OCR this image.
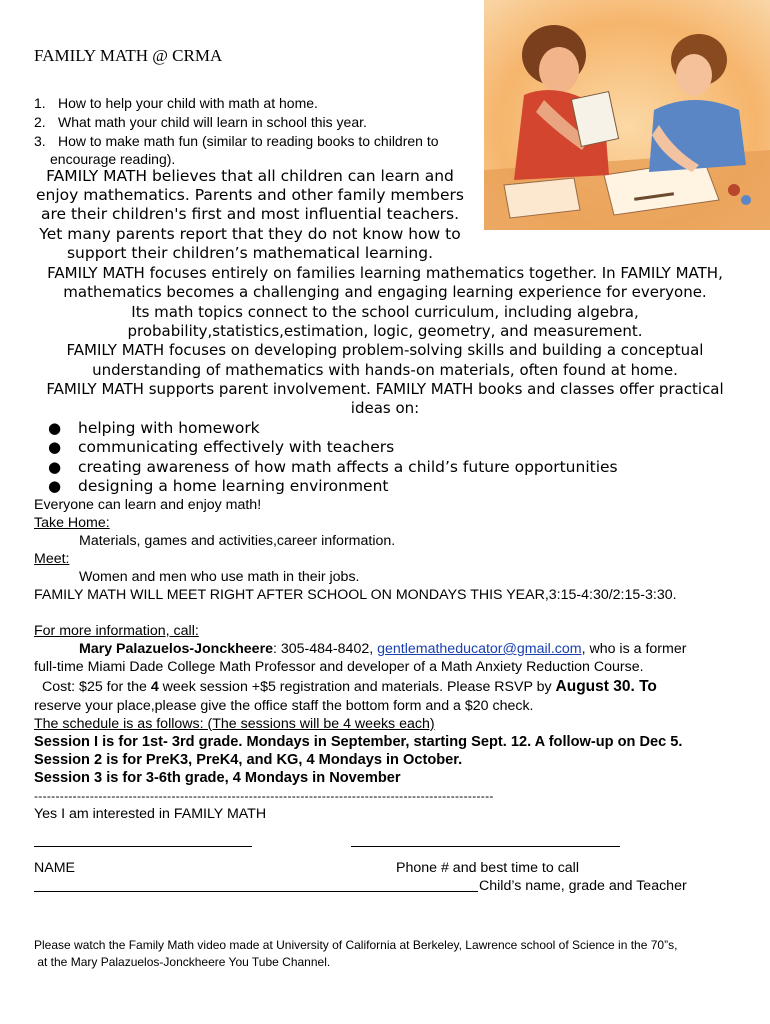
FAMILY MATH @ CRMA
1. How to help your child with math at home.
2. What math your child will learn in school this year.
3. How to make math fun (similar to reading books to children to
encourage reading).
FAMILY MATH believes that all children can learn and
enjoy mathematics. Parents and other family members
are their children's first and most influential teachers.
Yet many parents report that they do not know how to
support their children’s mathematical learning.
FAMILY MATH focuses entirely on families learning mathematics together. In FAMILY MATH,
mathematics becomes a challenging and engaging learning experience for everyone.
Its math topics connect to the school curriculum, including algebra,
probability,statistics,estimation, logic, geometry, and measurement.
FAMILY MATH focuses on developing problem-solving skills and building a conceptual
understanding of mathematics with hands-on materials, often found at home.
FAMILY MATH supports parent involvement. FAMILY MATH books and classes offer practical
ideas on:
● helping with homework
● communicating effectively with teachers
● creating awareness of how math affects a child’s future opportunities
● designing a home learning environment
Everyone can learn and enjoy math!
Take Home:
Materials, games and activities,career information.
Meet:
Women and men who use math in their jobs.
FAMILY MATH WILL MEET RIGHT AFTER SCHOOL ON MONDAYS THIS YEAR,3:15-4:30/2:15-3:30.
For more information, call:
Mary Palazuelos-Jonckheere: 305-484-8402, gentlematheducator@gmail.com, who is a former
full-time Miami Dade College Math Professor and developer of a Math Anxiety Reduction Course.
Cost: $25 for the 4 week session +$5 registration and materials. Please RSVP by August 30. To
reserve your place,please give the office staff the bottom form and a $20 check.
The schedule is as follows: (The sessions will be 4 weeks each)
Session I is for 1st- 3rd grade. Mondays in September, starting Sept. 12. A follow-up on Dec 5.
Session 2 is for PreK3, PreK4, and KG, 4 Mondays in October.
Session 3 is for 3-6th grade, 4 Mondays in November
-----------------------------------------------------------------------------------------------------------
Yes I am interested in FAMILY MATH
NAME	Phone # and best time to call
Child’s name, grade and Teacher
Please watch the Family Math video made at University of California at Berkeley, Lawrence school of Science in the 70”s,
at the Mary Palazuelos-Jonckheere You Tube Channel.
